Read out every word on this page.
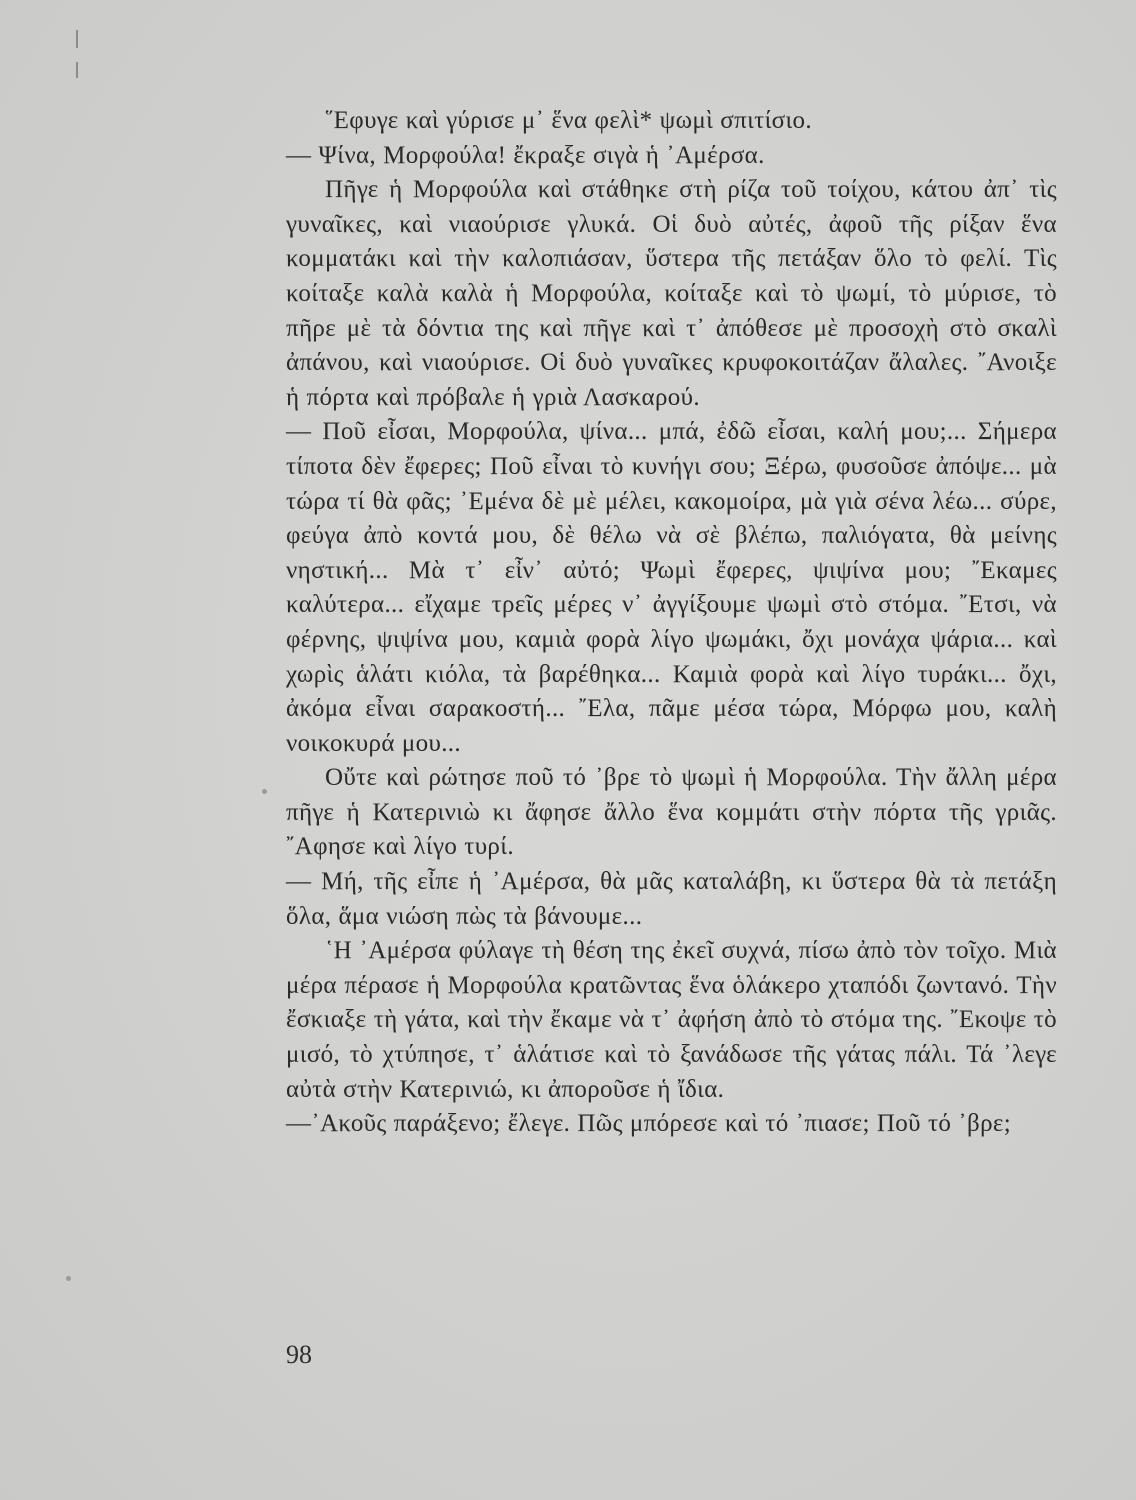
῞Εφυγε καὶ γύρισε μ᾿ ἕνα φελὶ* ψωμὶ σπιτίσιο.

— Ψίνα, Μορφούλα! ἔκραξε σιγὰ ἡ ᾿Αμέρσα.

Πῆγε ἡ Μορφούλα καὶ στάθηκε στὴ ρίζα τοῦ τοίχου, κάτου ἀπ᾿ τὶς γυναῖκες, καὶ νιαούρισε γλυκά. Οἱ δυὸ αὐτές, ἀφοῦ τῆς ρίξαν ἕνα κομματάκι καὶ τὴν καλοπιάσαν, ὕστερα τῆς πετάξαν ὅλο τὸ φελί. Τὶς κοίταξε καλὰ καλὰ ἡ Μορφούλα, κοίταξε καὶ τὸ ψωμί, τὸ μύρισε, τὸ πῆρε μὲ τὰ δόντια της καὶ πῆγε καὶ τ᾿ ἀπόθεσε μὲ προσοχὴ στὸ σκαλὶ ἀπάνου, καὶ νιαούρισε. Οἱ δυὸ γυναῖκες κρυφοκοιτάζαν ἄλαλες. ῎Ανοιξε ἡ πόρτα καὶ πρόβαλε ἡ γριὰ Λασκαρού.

— Ποῦ εἶσαι, Μορφούλα, ψίνα... μπά, ἐδῶ εἶσαι, καλή μου;... Σήμερα τίποτα δὲν ἔφερες; Ποῦ εἶναι τὸ κυνήγι σου; Ξέρω, φυσοῦσε ἀπόψε... μὰ τώρα τί θὰ φᾶς; ᾿Εμένα δὲ μὲ μέλει, κακομοίρα, μὰ γιὰ σένα λέω... σύρε, φεύγα ἀπὸ κοντά μου, δὲ θέλω νὰ σὲ βλέπω, παλιόγατα, θὰ μείνης νηστική... Μὰ τ᾿ εἶν᾿ αὐτό; Ψωμὶ ἔφερες, ψιψίνα μου; ῎Εκαμες καλύτερα... εἴχαμε τρεῖς μέρες ν᾿ ἀγγίξουμε ψωμὶ στὸ στόμα. ῎Ετσι, νὰ φέρνης, ψιψίνα μου, καμιὰ φορὰ λίγο ψωμάκι, ὄχι μονάχα ψάρια... καὶ χωρὶς ἁλάτι κιόλα, τὰ βαρέθηκα... Καμιὰ φορὰ καὶ λίγο τυράκι... ὄχι, ἀκόμα εἶναι σαρακοστή... ῎Ελα, πᾶμε μέσα τώρα, Μόρφω μου, καλὴ νοικοκυρά μου...

Οὔτε καὶ ρώτησε ποῦ τό ᾿βρε τὸ ψωμὶ ἡ Μορφούλα. Τὴν ἄλλη μέρα πῆγε ἡ Κατερινιὼ κι ἄφησε ἄλλο ἕνα κομμάτι στὴν πόρτα τῆς γριᾶς. ῎Αφησε καὶ λίγο τυρί.

— Μή, τῆς εἶπε ἡ ᾿Αμέρσα, θὰ μᾶς καταλάβη, κι ὕστερα θὰ τὰ πετάξη ὅλα, ἅμα νιώση πὼς τὰ βάνουμε...

῾Η ᾿Αμέρσα φύλαγε τὴ θέση της ἐκεῖ συχνά, πίσω ἀπὸ τὸν τοῖχο. Μιὰ μέρα πέρασε ἡ Μορφούλα κρατῶντας ἕνα ὁλάκερο χταπόδι ζωντανό. Τὴν ἔσκιαξε τὴ γάτα, καὶ τὴν ἔκαμε νὰ τ᾿ ἀφήση ἀπὸ τὸ στόμα της. ῎Εκοψε τὸ μισό, τὸ χτύπησε, τ᾿ ἁλάτισε καὶ τὸ ξανάδωσε τῆς γάτας πάλι. Τά ᾿λεγε αὐτὰ στὴν Κατερινιώ, κι ἀποροῦσε ἡ ἴδια.

—᾿Ακοῦς παράξενο; ἔλεγε. Πῶς μπόρεσε καὶ τό ᾿πιασε; Ποῦ τό ᾿βρε;

98
